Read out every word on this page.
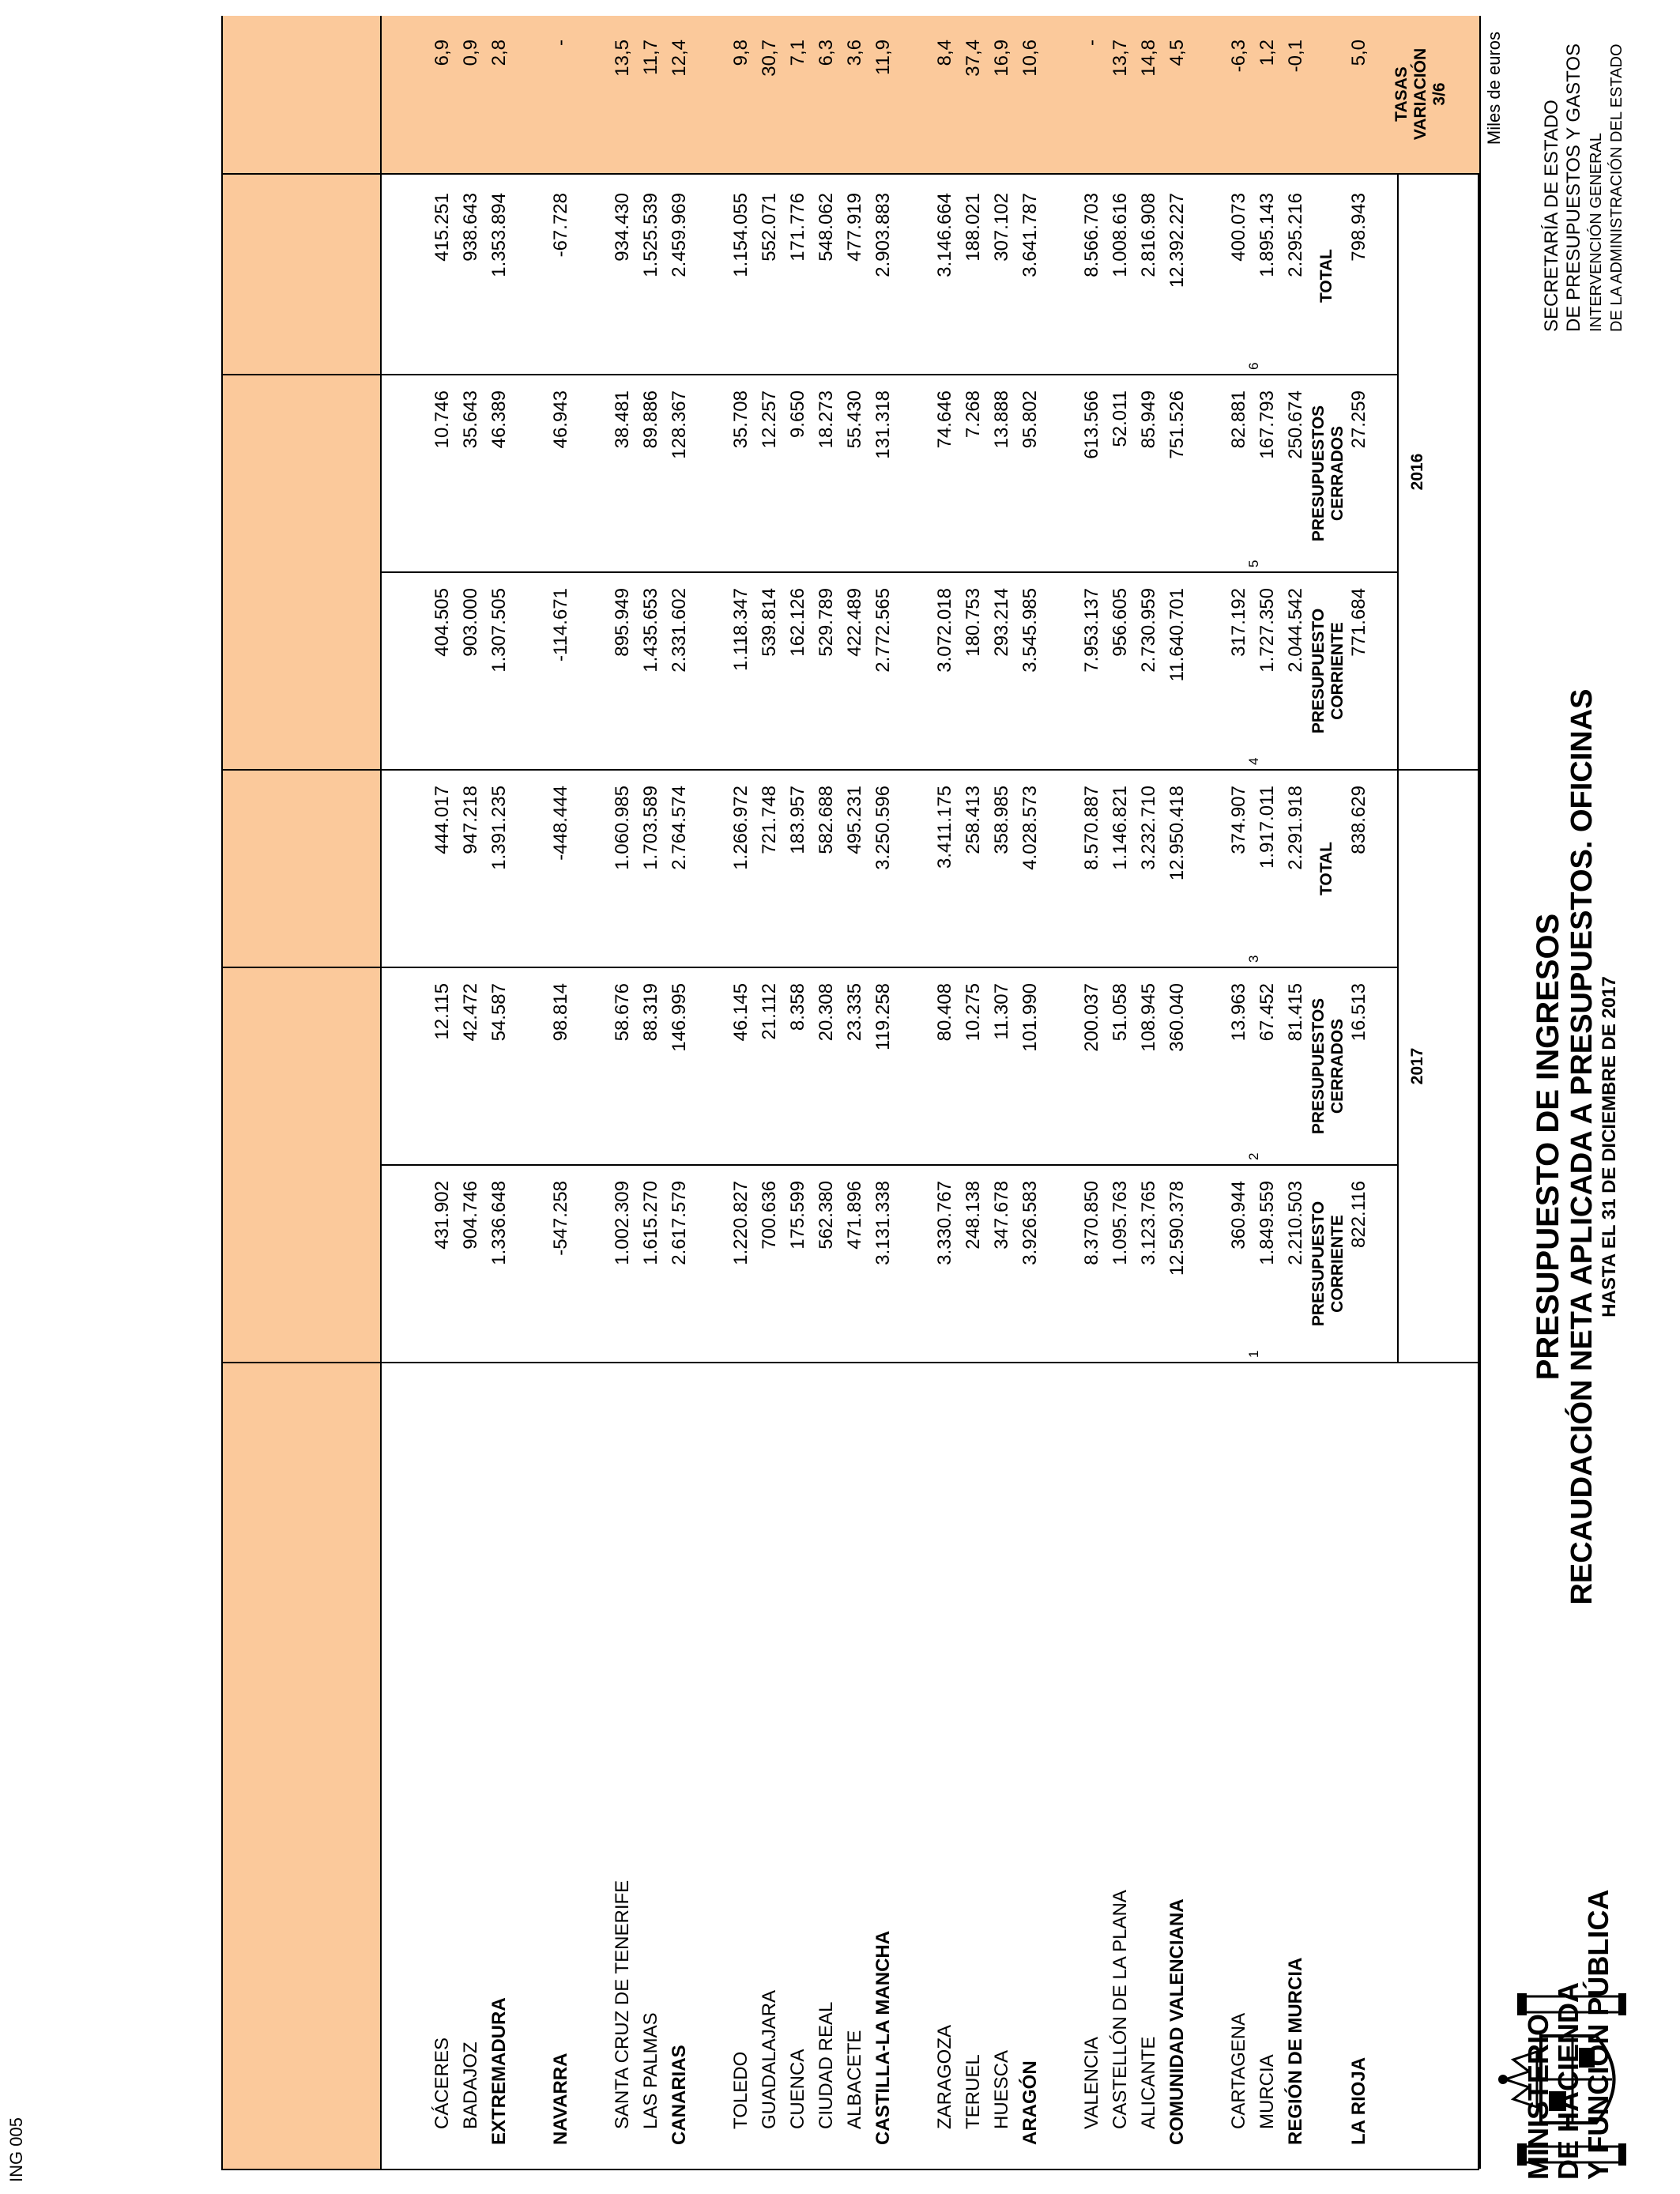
MINISTERIO
DE HACIENDA
Y FUNCIÓN PÚBLICA
PRESUPUESTO DE INGRESOS RECAUDACIÓN NETA APLICADA A PRESUPUESTOS. OFICINAS HASTA EL 31 DE DICIEMBRE DE 2017
SECRETARÍA DE ESTADO DE PRESUPUESTOS Y GASTOS INTERVENCIÓN GENERAL DE LA ADMINISTRACIÓN DEL ESTADO
Miles de euros
2017
2016
PRESUPUESTO CORRIENTE
PRESUPUESTOS CERRADOS
TOTAL
PRESUPUESTO CORRIENTE
PRESUPUESTOS CERRADOS
TOTAL
TASAS VARIACIÓN 3/6
1
2
3
4
5
6
LA RIOJA
822.116
16.513
838.629
771.684
27.259
798.943
5,0
REGIÓN DE MURCIA
2.210.503
81.415
2.291.918
2.044.542
250.674
2.295.216
-0,1
MURCIA
1.849.559
67.452
1.917.011
1.727.350
167.793
1.895.143
1,2
CARTAGENA
360.944
13.963
374.907
317.192
82.881
400.073
-6,3
COMUNIDAD VALENCIANA
12.590.378
360.040
12.950.418
11.640.701
751.526
12.392.227
4,5
ALICANTE
3.123.765
108.945
3.232.710
2.730.959
85.949
2.816.908
14,8
CASTELLÓN DE LA PLANA
1.095.763
51.058
1.146.821
956.605
52.011
1.008.616
13,7
VALENCIA
8.370.850
200.037
8.570.887
7.953.137
613.566
8.566.703
-
ARAGÓN
3.926.583
101.990
4.028.573
3.545.985
95.802
3.641.787
10,6
HUESCA
347.678
11.307
358.985
293.214
13.888
307.102
16,9
TERUEL
248.138
10.275
258.413
180.753
7.268
188.021
37,4
ZARAGOZA
3.330.767
80.408
3.411.175
3.072.018
74.646
3.146.664
8,4
CASTILLA-LA MANCHA
3.131.338
119.258
3.250.596
2.772.565
131.318
2.903.883
11,9
ALBACETE
471.896
23.335
495.231
422.489
55.430
477.919
3,6
CIUDAD REAL
562.380
20.308
582.688
529.789
18.273
548.062
6,3
CUENCA
175.599
8.358
183.957
162.126
9.650
171.776
7,1
GUADALAJARA
700.636
21.112
721.748
539.814
12.257
552.071
30,7
TOLEDO
1.220.827
46.145
1.266.972
1.118.347
35.708
1.154.055
9,8
CANARIAS
2.617.579
146.995
2.764.574
2.331.602
128.367
2.459.969
12,4
LAS PALMAS
1.615.270
88.319
1.703.589
1.435.653
89.886
1.525.539
11,7
SANTA CRUZ DE TENERIFE
1.002.309
58.676
1.060.985
895.949
38.481
934.430
13,5
NAVARRA
-547.258
98.814
-448.444
-114.671
46.943
-67.728
-
EXTREMADURA
1.336.648
54.587
1.391.235
1.307.505
46.389
1.353.894
2,8
BADAJOZ
904.746
42.472
947.218
903.000
35.643
938.643
0,9
CÁCERES
431.902
12.115
444.017
404.505
10.746
415.251
6,9
ING 005
